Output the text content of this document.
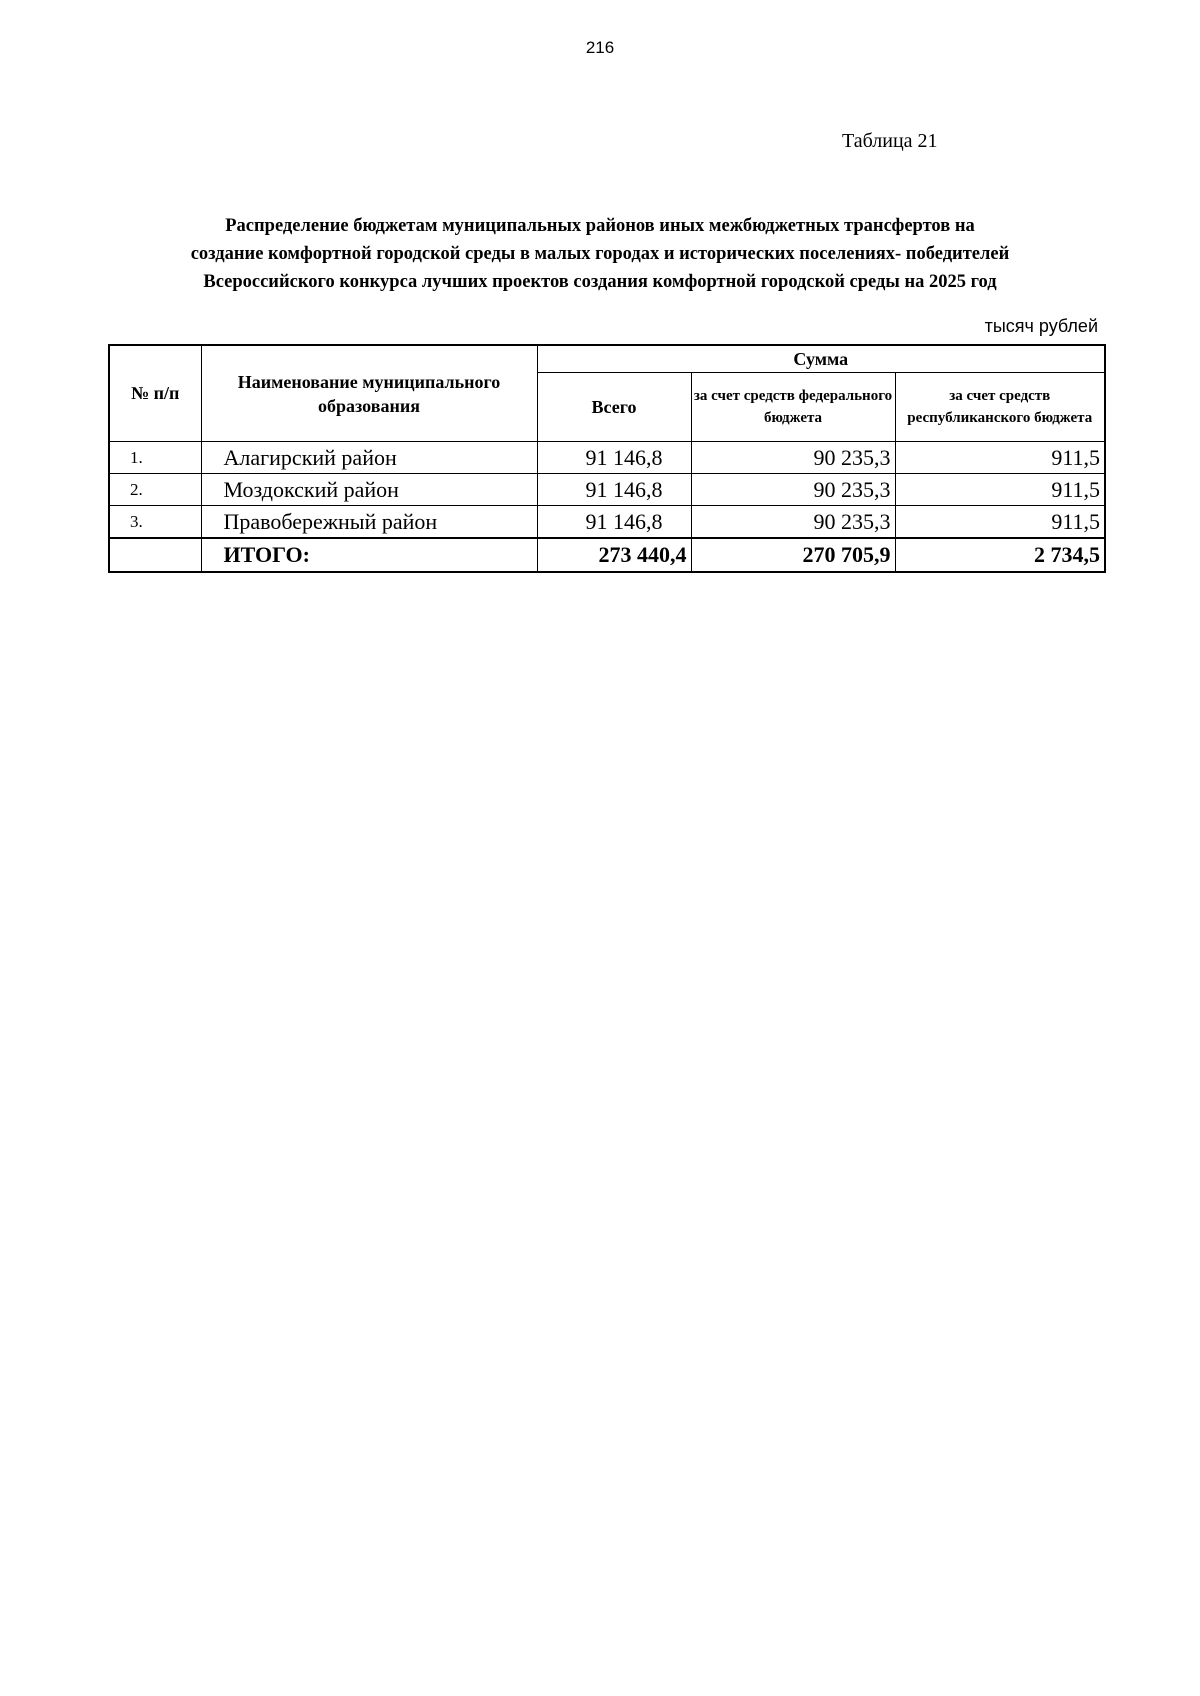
216
Таблица 21
Распределение бюджетам муниципальных районов иных межбюджетных трансфертов на
создание комфортной городской среды в малых городах и исторических поселениях- победителей
Всероссийского конкурса лучших проектов создания комфортной городской среды на 2025 год
тысяч рублей
№ п/п	Наименование муниципального образования	Сумма		
		Всего	за счет средств федерального бюджета	за счет средств республиканского бюджета
1.	Алагирский район	91 146,8	90 235,3	911,5
2.	Моздокский район	91 146,8	90 235,3	911,5
3.	Правобережный район	91 146,8	90 235,3	911,5
	ИТОГО:	273 440,4	270 705,9	2 734,5
